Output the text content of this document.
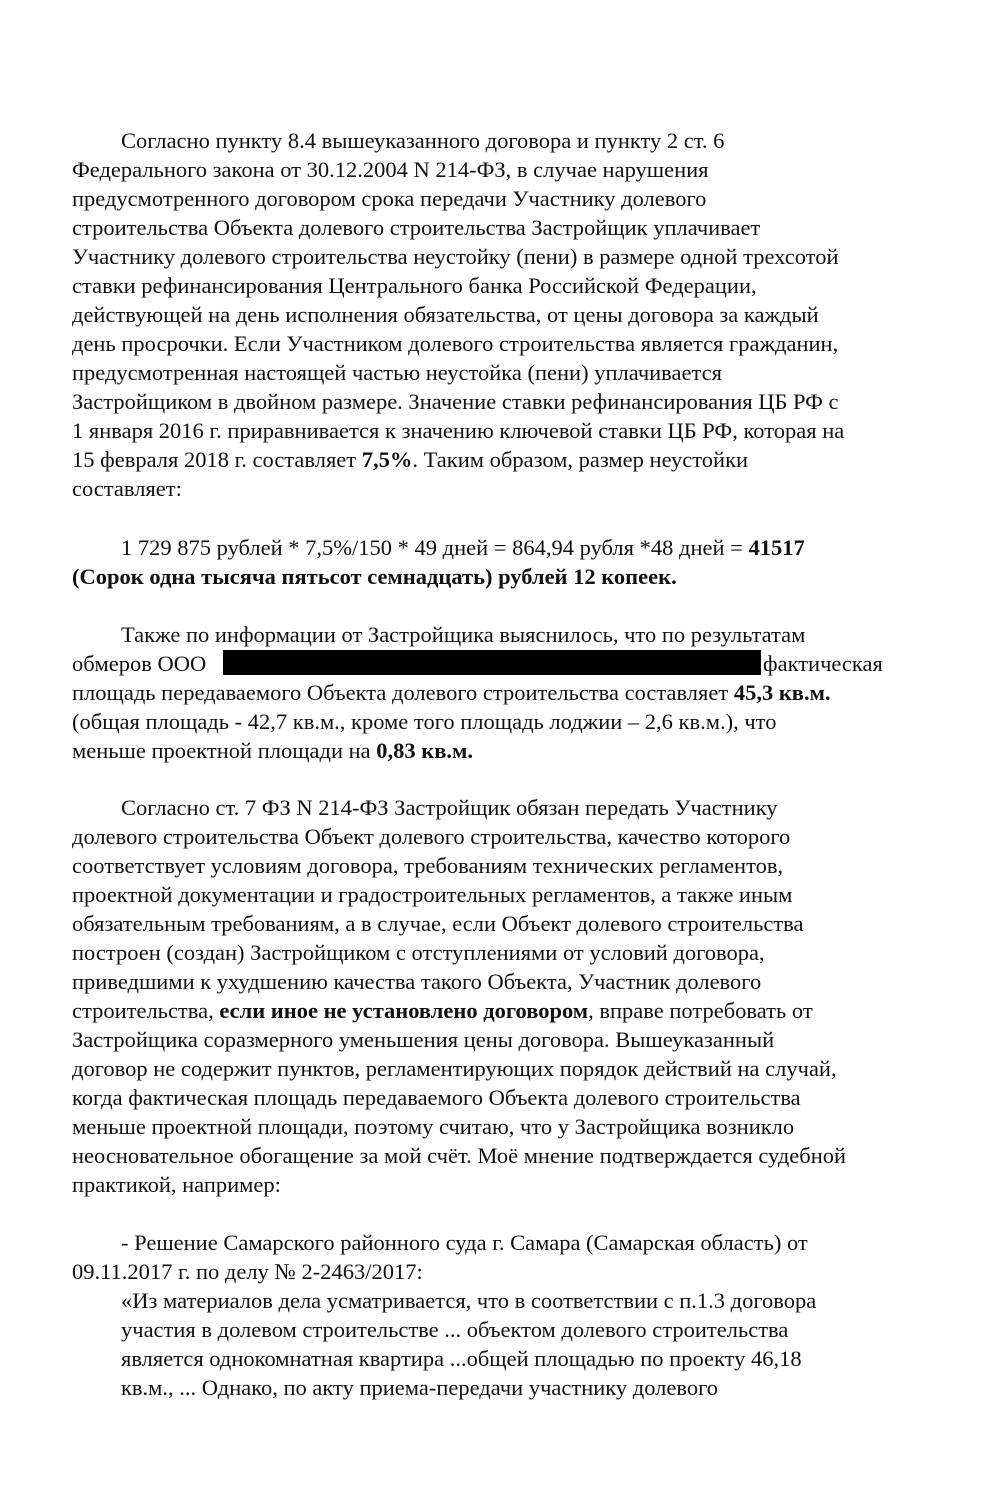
Согласно пункту 8.4 вышеуказанного договора и пункту 2 ст. 6

Федерального закона от 30.12.2004 N 214-ФЗ, в случае нарушения

предусмотренного договором срока передачи Участнику долевого

строительства Объекта долевого строительства Застройщик уплачивает

Участнику долевого строительства неустойку (пени) в размере одной трехсотой

ставки рефинансирования Центрального банка Российской Федерации,

действующей на день исполнения обязательства, от цены договора за каждый

день просрочки. Если Участником долевого строительства является гражданин,

предусмотренная настоящей частью неустойка (пени) уплачивается

Застройщиком в двойном размере. Значение ставки рефинансирования ЦБ РФ с

1 января 2016 г. приравнивается к значению ключевой ставки ЦБ РФ, которая на

15 февраля 2018 г. составляет 7,5%. Таким образом, размер неустойки

составляет:

1 729 875 рублей * 7,5%/150 * 49 дней = 864,94 рубля *48 дней = 41517

(Сорок одна тысяча пятьсот семнадцать) рублей 12 копеек.

Также по информации от Застройщика выяснилось, что по результатам

обмеров ООО	фактическая

площадь передаваемого Объекта долевого строительства составляет 45,3 кв.м.

(общая площадь - 42,7 кв.м., кроме того площадь лоджии – 2,6 кв.м.), что

меньше проектной площади на 0,83 кв.м.

Согласно ст. 7 ФЗ N 214-ФЗ Застройщик обязан передать Участнику

долевого строительства Объект долевого строительства, качество которого

соответствует условиям договора, требованиям технических регламентов,

проектной документации и градостроительных регламентов, а также иным

обязательным требованиям, а в случае, если Объект долевого строительства

построен (создан) Застройщиком с отступлениями от условий договора,

приведшими к ухудшению качества такого Объекта, Участник долевого

строительства, если иное не установлено договором, вправе потребовать от

Застройщика соразмерного уменьшения цены договора. Вышеуказанный

договор не содержит пунктов, регламентирующих порядок действий на случай,

когда фактическая площадь передаваемого Объекта долевого строительства

меньше проектной площади, поэтому считаю, что у Застройщика возникло

неосновательное обогащение за мой счёт. Моё мнение подтверждается судебной

практикой, например:

- Решение Самарского районного суда г. Самара (Самарская область) от

09.11.2017 г. по делу № 2-2463/2017:

«Из материалов дела усматривается, что в соответствии с п.1.3 договора

участия в долевом строительстве ... объектом долевого строительства

является однокомнатная квартира ...общей площадью по проекту 46,18

кв.м., ... Однако, по акту приема-передачи участнику долевого
